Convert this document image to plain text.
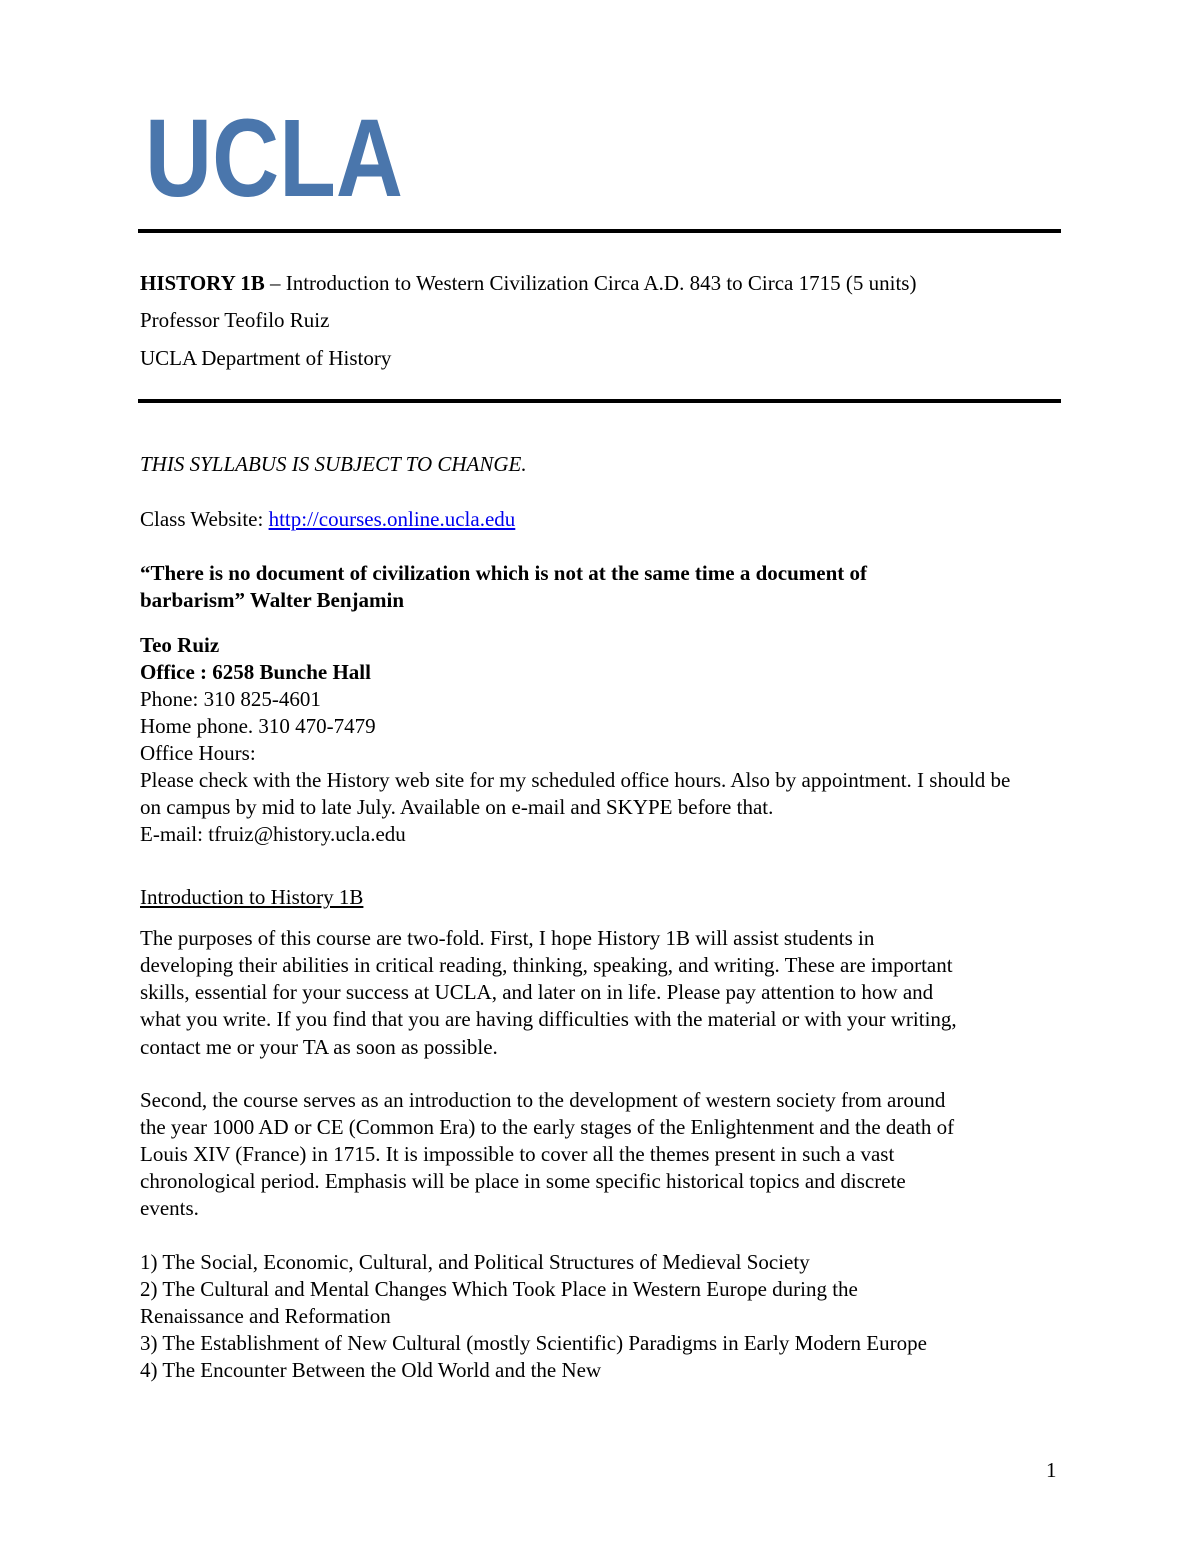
UCLA
HISTORY 1B – Introduction to Western Civilization Circa A.D. 843 to Circa 1715 (5 units)
Professor Teofilo Ruiz
UCLA Department of History
THIS SYLLABUS IS SUBJECT TO CHANGE.
Class Website: http://courses.online.ucla.edu
“There is no document of civilization which is not at the same time a document of
barbarism” Walter Benjamin
Teo Ruiz
Office : 6258 Bunche Hall
Phone: 310 825-4601
Home phone. 310 470-7479
Office Hours:
Please check with the History web site for my scheduled office hours. Also by appointment. I should be
on campus by mid to late July. Available on e-mail and SKYPE before that.
E-mail: tfruiz@history.ucla.edu
Introduction to History 1B
The purposes of this course are two-fold. First, I hope History 1B will assist students in
developing their abilities in critical reading, thinking, speaking, and writing. These are important
skills, essential for your success at UCLA, and later on in life. Please pay attention to how and
what you write. If you find that you are having difficulties with the material or with your writing,
contact me or your TA as soon as possible.
Second, the course serves as an introduction to the development of western society from around
the year 1000 AD or CE (Common Era) to the early stages of the Enlightenment and the death of
Louis XIV (France) in 1715. It is impossible to cover all the themes present in such a vast
chronological period. Emphasis will be place in some specific historical topics and discrete
events.
1) The Social, Economic, Cultural, and Political Structures of Medieval Society
2) The Cultural and Mental Changes Which Took Place in Western Europe during the
Renaissance and Reformation
3) The Establishment of New Cultural (mostly Scientific) Paradigms in Early Modern Europe
4) The Encounter Between the Old World and the New
1
